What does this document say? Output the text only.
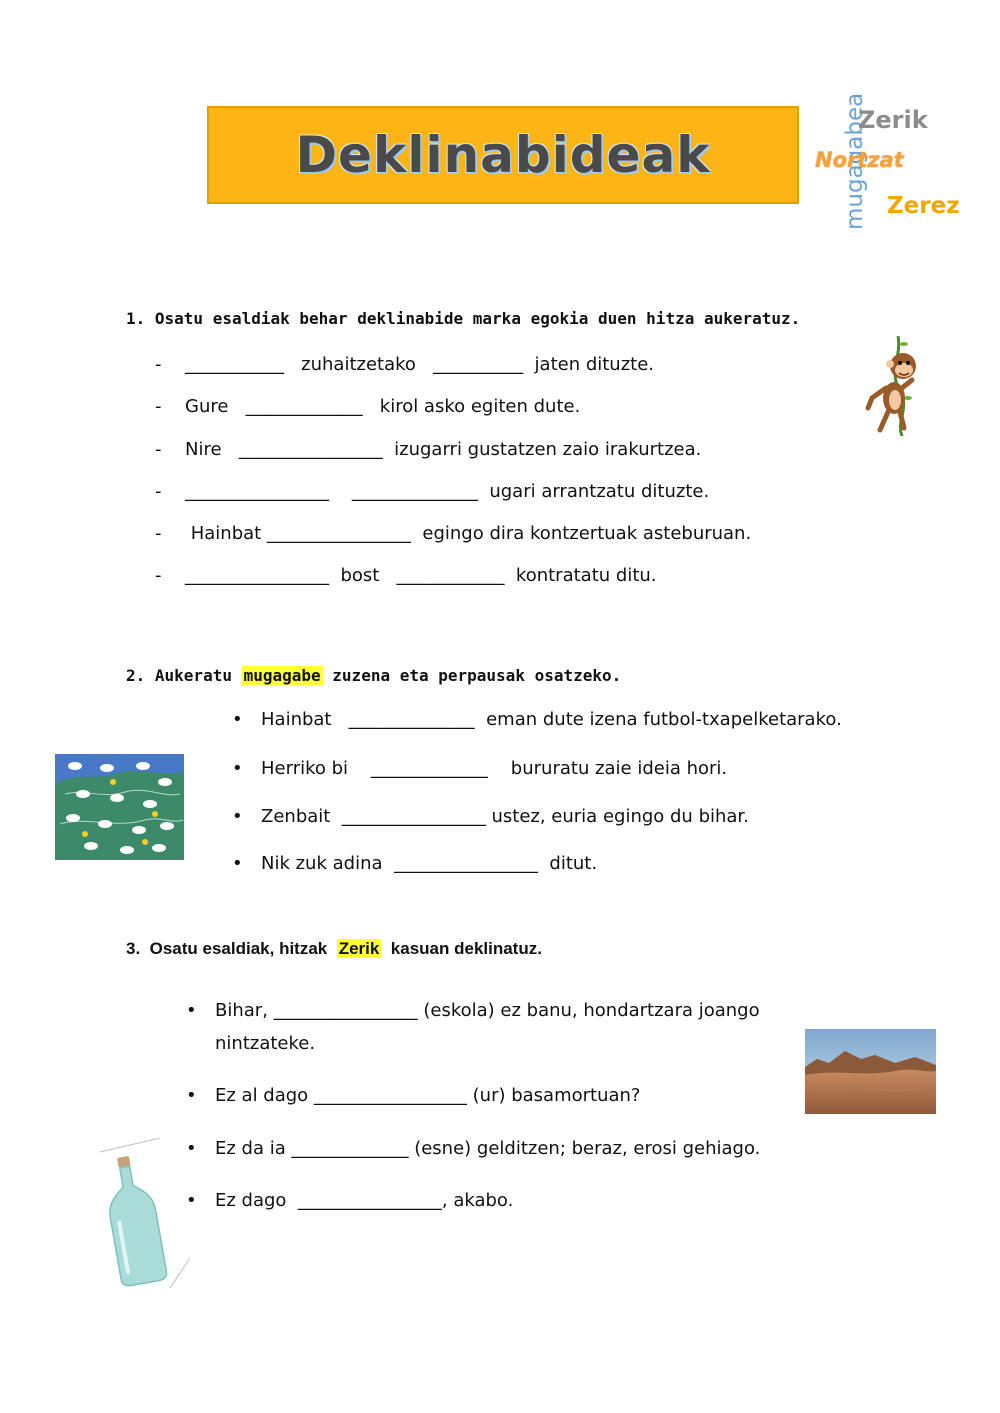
Deklinabideak	mugagabea
Zerik
Nortzat
Zerez
1. Osatu esaldiak behar deklinabide marka egokia duen hitza aukeratuz.
- ___________   zuhaitzetako   __________  jaten dituzte.
- Gure   _____________   kirol asko egiten dute.
- Nire   ________________  izugarri gustatzen zaio irakurtzea.
- ________________    ______________  ugari arrantzatu dituzte.
- Hainbat ________________  egingo dira kontzertuak asteburuan.
- ________________  bost   ____________  kontratatu ditu.
2. Aukeratu mugagabe zuzena eta perpausak osatzeko.
• Hainbat   ______________  eman dute izena futbol-txapelketarako.
• Herriko bi    _____________    bururatu zaie ideia hori.
• Zenbait  ________________ ustez, euria egingo du bihar.
• Nik zuk adina  ________________  ditut.
3.  Osatu esaldiak, hitzak  Zerik  kasuan deklinatuz.
• Bihar, ________________ (eskola) ez banu, hondartzara joango
nintzateke.
• Ez al dago _________________ (ur) basamortuan?
• Ez da ia _____________ (esne) gelditzen; beraz, erosi gehiago.
• Ez dago  ________________, akabo.
